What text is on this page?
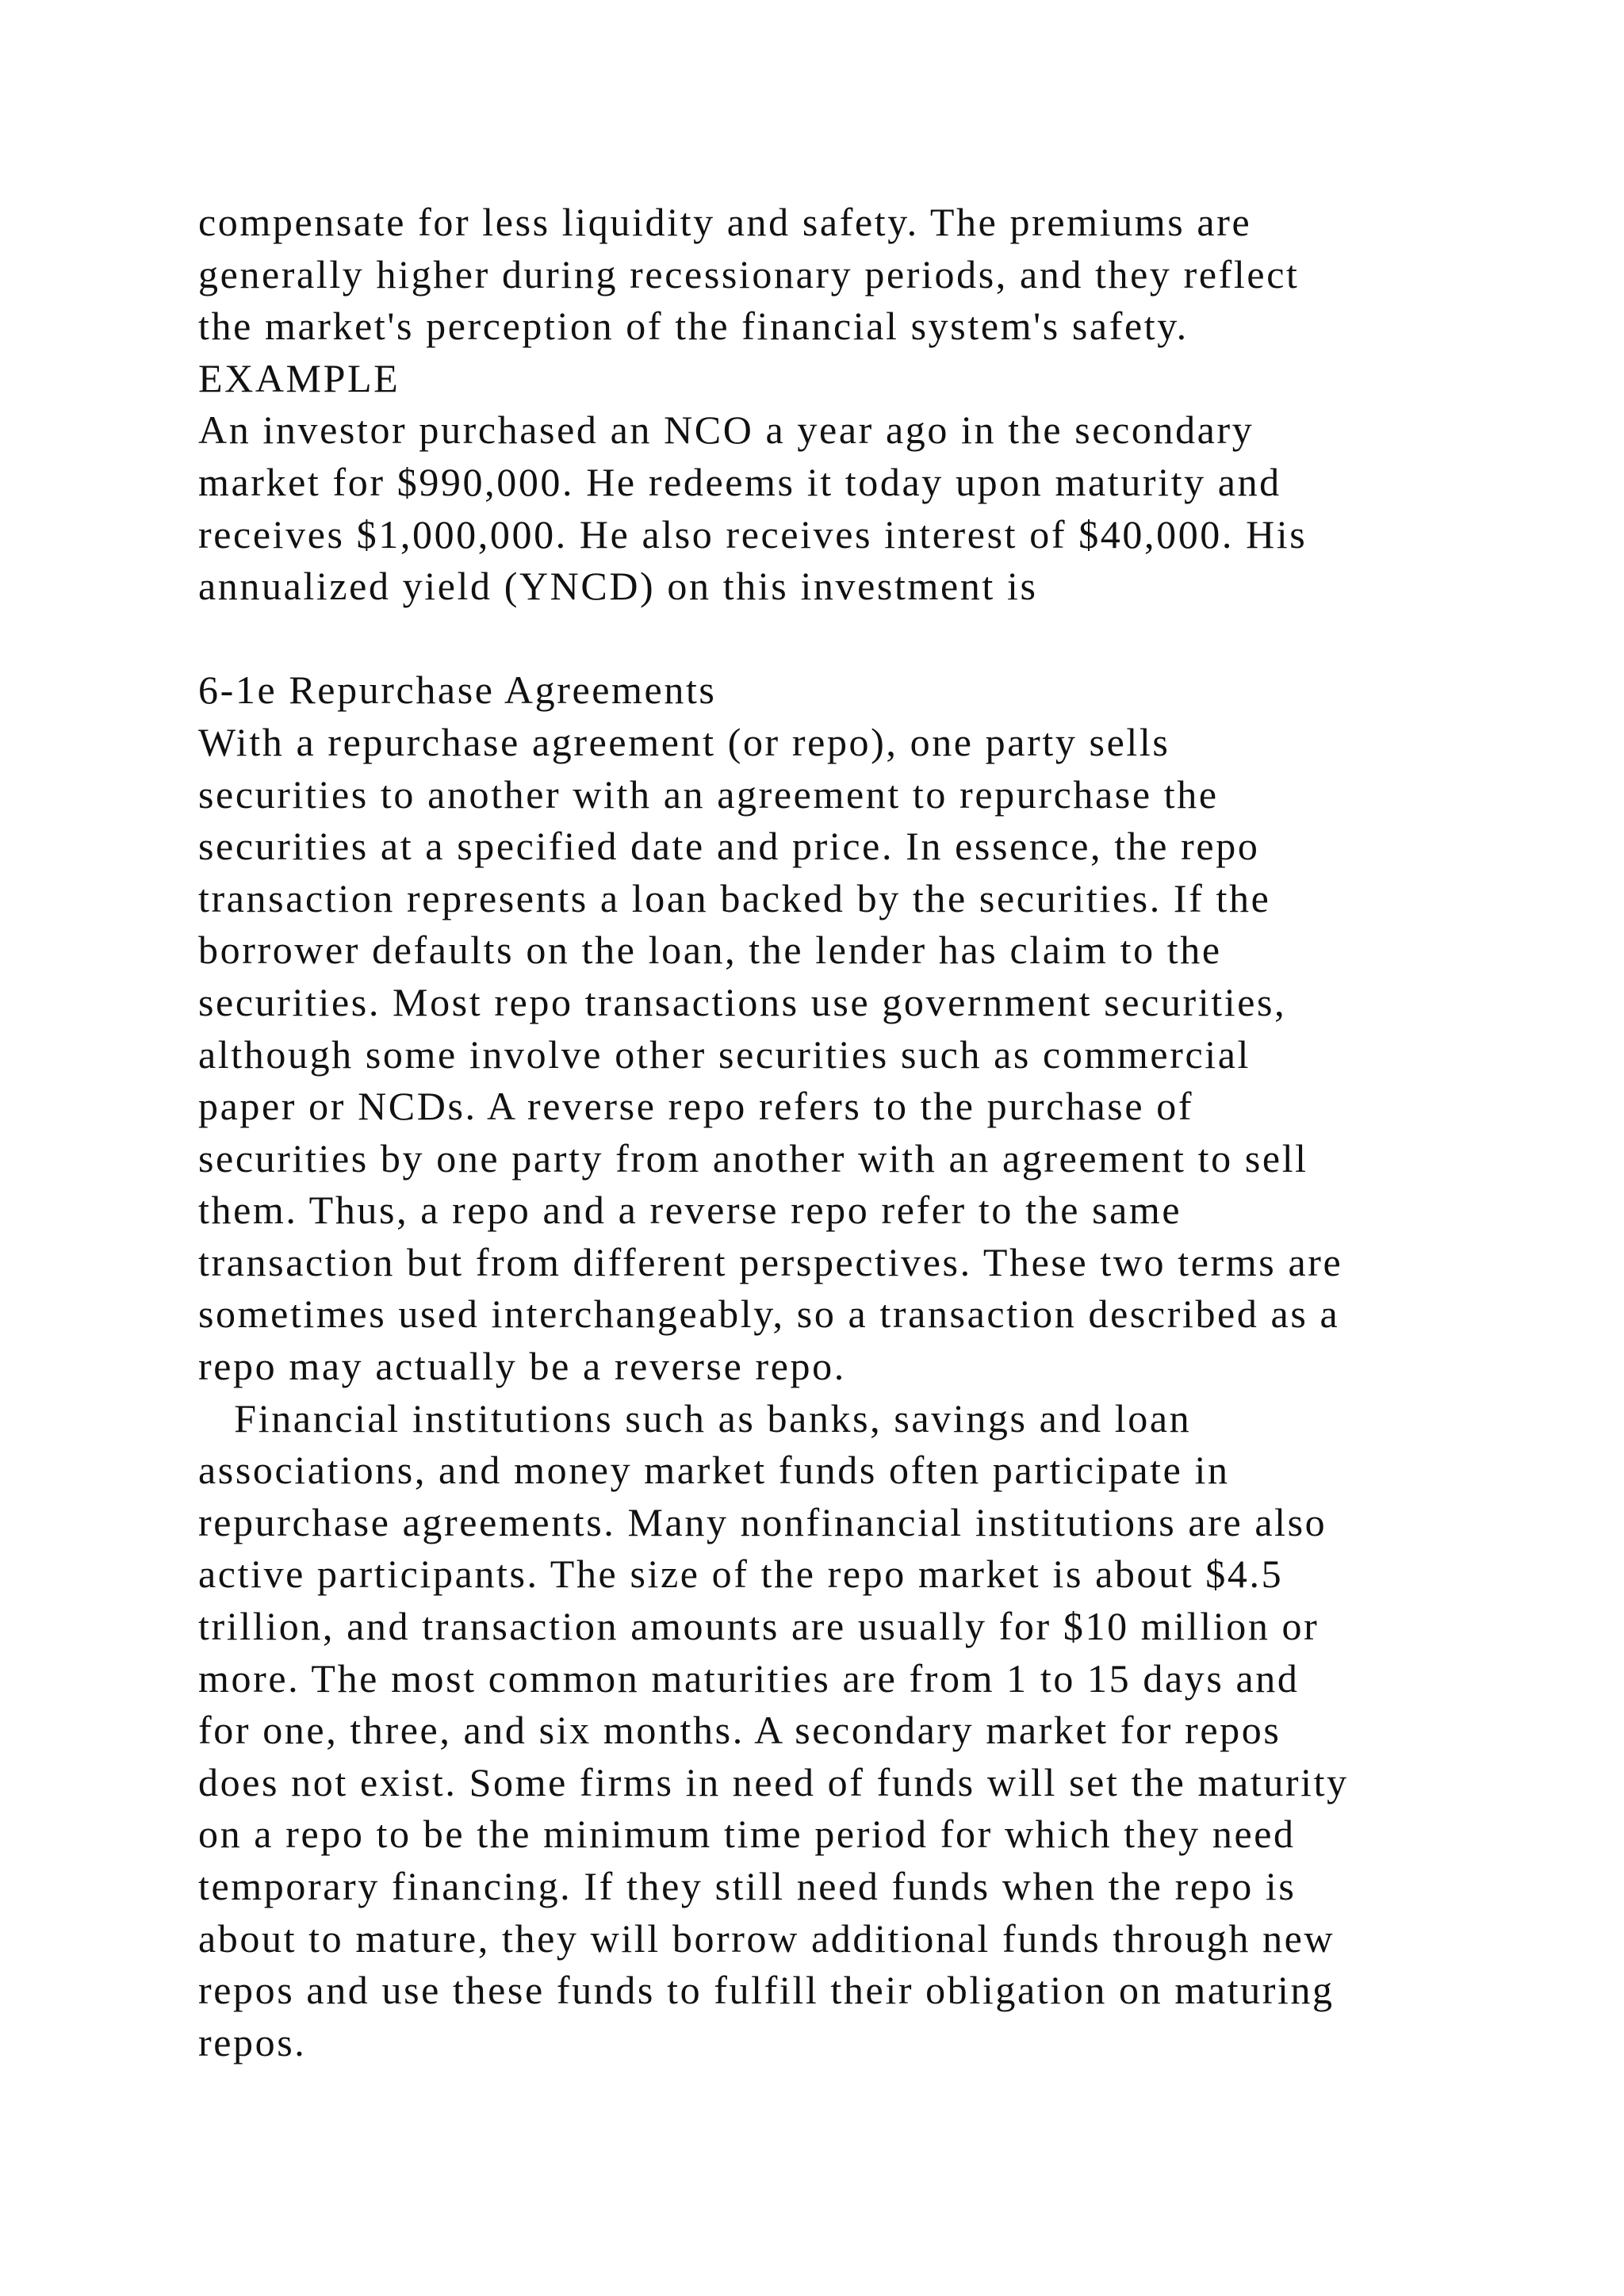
compensate for less liquidity and safety. The premiums are
generally higher during recessionary periods, and they reflect
the market's perception of the financial system's safety.
EXAMPLE
An investor purchased an NCO a year ago in the secondary
market for $990,000. He redeems it today upon maturity and
receives $1,000,000. He also receives interest of $40,000. His
annualized yield (YNCD) on this investment is
6-1e Repurchase Agreements
With a repurchase agreement (or repo), one party sells
securities to another with an agreement to repurchase the
securities at a specified date and price. In essence, the repo
transaction represents a loan backed by the securities. If the
borrower defaults on the loan, the lender has claim to the
securities. Most repo transactions use government securities,
although some involve other securities such as commercial
paper or NCDs. A reverse repo refers to the purchase of
securities by one party from another with an agreement to sell
them. Thus, a repo and a reverse repo refer to the same
transaction but from different perspectives. These two terms are
sometimes used interchangeably, so a transaction described as a
repo may actually be a reverse repo.
Financial institutions such as banks, savings and loan
associations, and money market funds often participate in
repurchase agreements. Many nonfinancial institutions are also
active participants. The size of the repo market is about $4.5
trillion, and transaction amounts are usually for $10 million or
more. The most common maturities are from 1 to 15 days and
for one, three, and six months. A secondary market for repos
does not exist. Some firms in need of funds will set the maturity
on a repo to be the minimum time period for which they need
temporary financing. If they still need funds when the repo is
about to mature, they will borrow additional funds through new
repos and use these funds to fulfill their obligation on maturing
repos.
